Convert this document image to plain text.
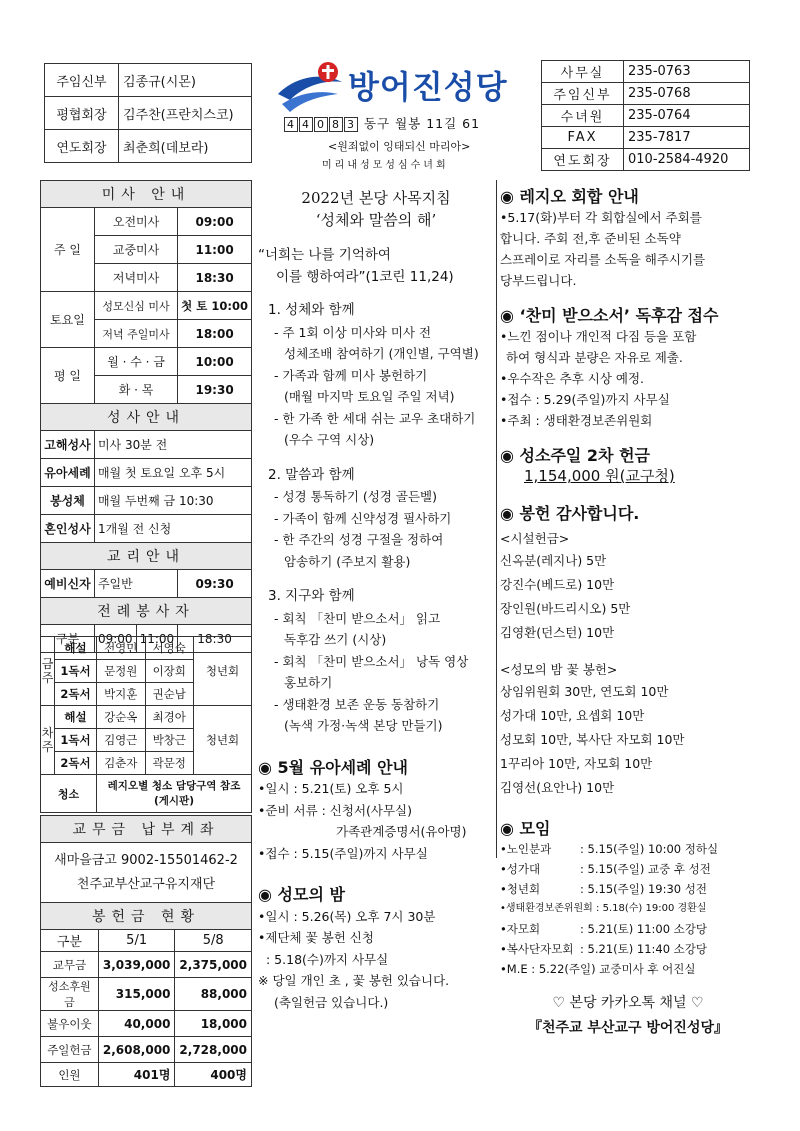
주임신부	김종규(시몬)
평협회장	김주찬(프란치스코)
연도회장	최춘희(데보라)
방어진성당
4 4 0 8 3 동구 월봉 11길 61
<원죄없이 잉태되신 마리아>
미리내성모성심수녀회
사무실	235-0763
주임신부	235-0768
수녀원	235-0764
FAX	235-7817
연도회장	010-2584-4920
미사 안내			
주 일	오전미사		09:00
	교중미사		11:00
	저녁미사		18:30
토요일	성모신심 미사		첫 토 10:00
	저녁 주일미사		18:00
평 일	월 · 수 · 금		10:00
	화 · 목		19:30
성사안내			
고해성사	미사 30분 전		
유아세례	매월 첫 토요일 오후 5시		
봉성체	매월 두번째 금 10:30		
혼인성사	1개월 전 신청		
교리안내			
예비신자	주일반		09:30
전례봉사자			
구분	09:00	11:00	18:30
금주	해설	전영민	서영숙	청년회
	1독서	문정원	이장희	
	2독서	박지훈	권순남	
차주	해설	강순옥	최경아	청년회
	1독서	김영근	박창근	
	2독서	김춘자	곽문정	
청소		레지오별 청소 담당구역 참조
(게시판)		
교무금 납부계좌		

새마을금고 9002-15501462-2
천주교부산교구유지재단		

봉헌금 현황		
구분	5/1	5/8
교무금	3,039,000	2,375,000
성소후원금	315,000	88,000
불우이웃	40,000	18,000
주일헌금	2,608,000	2,728,000
인원	401명	400명
2022년 본당 사목지침
‘성체와 말씀의 해’
“너희는 나를 기억하여
이를 행하여라”(1코린 11,24)
1. 성체와 함께
- 주 1회 이상 미사와 미사 전
성체조배 참여하기 (개인별, 구역별)
- 가족과 함께 미사 봉헌하기
(매월 마지막 토요일 주일 저녁)
- 한 가족 한 세대 쉬는 교우 초대하기
(우수 구역 시상)
2. 말씀과 함께
- 성경 통독하기 (성경 골든벨)
- 가족이 함께 신약성경 필사하기
- 한 주간의 성경 구절을 정하여
암송하기 (주보지 활용)
3. 지구와 함께
- 회칙 「찬미 받으소서」 읽고
독후감 쓰기 (시상)
- 회칙 「찬미 받으소서」 낭독 영상
홍보하기
- 생태환경 보존 운동 동참하기
(녹색 가정·녹색 본당 만들기)
◉ 5월 유아세례 안내
•일시 : 5.21(토) 오후 5시
•준비 서류 : 신청서(사무실)
가족관계증명서(유아명)
•접수 : 5.15(주일)까지 사무실
◉ 성모의 밤
•일시 : 5.26(목) 오후 7시 30분
•제단체 꽃 봉헌 신청
: 5.18(수)까지 사무실
※ 당일 개인 초 , 꽃 봉헌 있습니다.
(축일헌금 있습니다.)
◉ 레지오 회합 안내
•5.17(화)부터 각 회합실에서 주회를
합니다. 주회 전,후 준비된 소독약
스프레이로 자리를 소독을 해주시기를
당부드립니다.
◉ ‘찬미 받으소서’ 독후감 접수
•느낀 점이나 개인적 다짐 등을 포함
하여 형식과 분량은 자유로 제출.
•우수작은 추후 시상 예정.
•접수 : 5.29(주일)까지 사무실
•주최 : 생태환경보존위원회
◉ 성소주일 2차 헌금
1,154,000 원(교구청)
◉ 봉헌 감사합니다.
<시설헌금>
신옥분(레지나) 5만
강진수(베드로) 10만
장인원(바드리시오) 5만
김영환(던스턴) 10만
<성모의 밤 꽃 봉헌>
상임위원회 30만, 연도회 10만
성가대 10만, 요셉회 10만
성모회 10만, 복사단 자모회 10만
1꾸리아 10만, 자모회 10만
김영선(요안나) 10만
◉ 모임
•노인분과	: 5.15(주일) 10:00 정하실
•성가대	: 5.15(주일) 교중 후 성전
•청년회	: 5.15(주일) 19:30 성전
•생태환경보존위원회 : 5.18(수) 19:00 경환실
•자모회	: 5.21(토) 11:00 소강당
•복사단자모회 : 5.21(토) 11:40 소강당
•M.E : 5.22(주일) 교중미사 후 어진실
♡ 본당 카카오톡 채널 ♡
『천주교 부산교구 방어진성당』
